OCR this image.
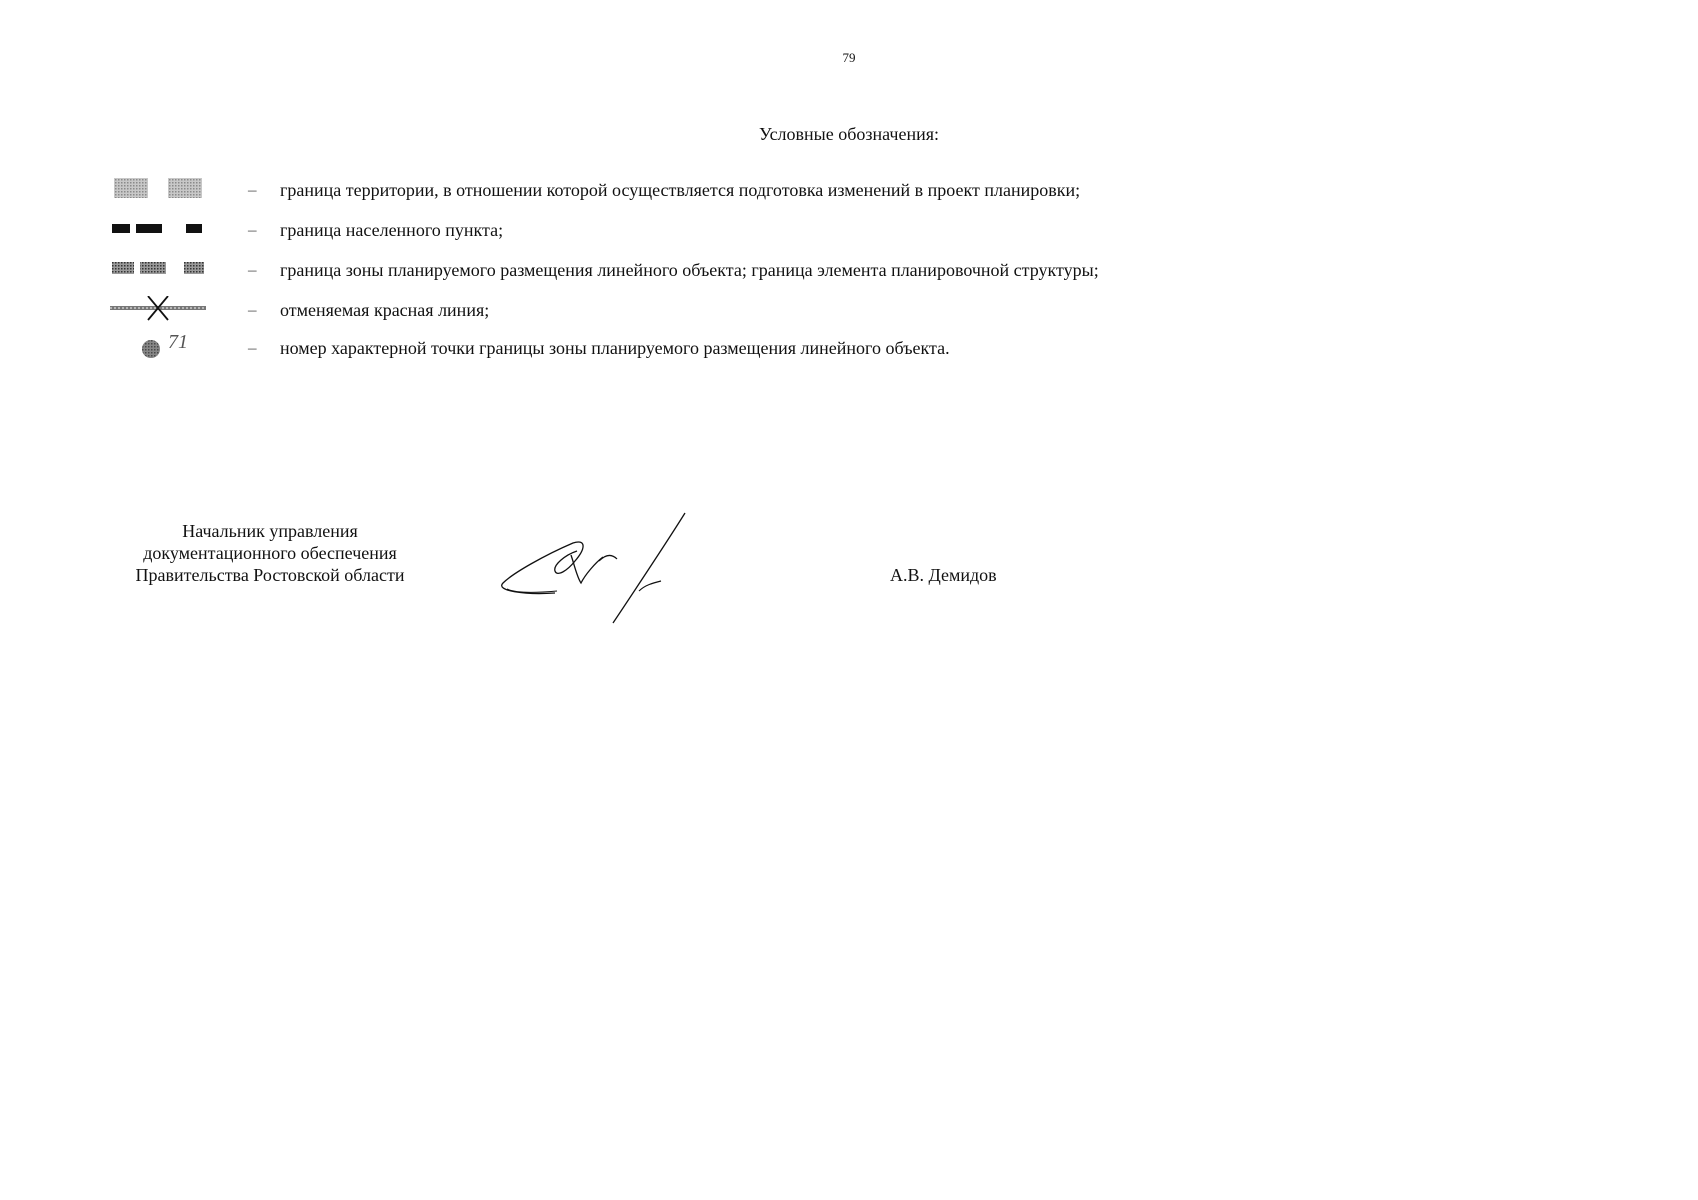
79
Условные обозначения:
– граница территории, в отношении которой осуществляется подготовка изменений в проект планировки;
– граница населенного пункта;
– граница зоны планируемого размещения линейного объекта; граница элемента планировочной структуры;
– отменяемая красная линия;
71	– номер характерной точки границы зоны планируемого размещения линейного объекта.
Начальник управления
документационного обеспечения
Правительства Ростовской области	А.В. Демидов
